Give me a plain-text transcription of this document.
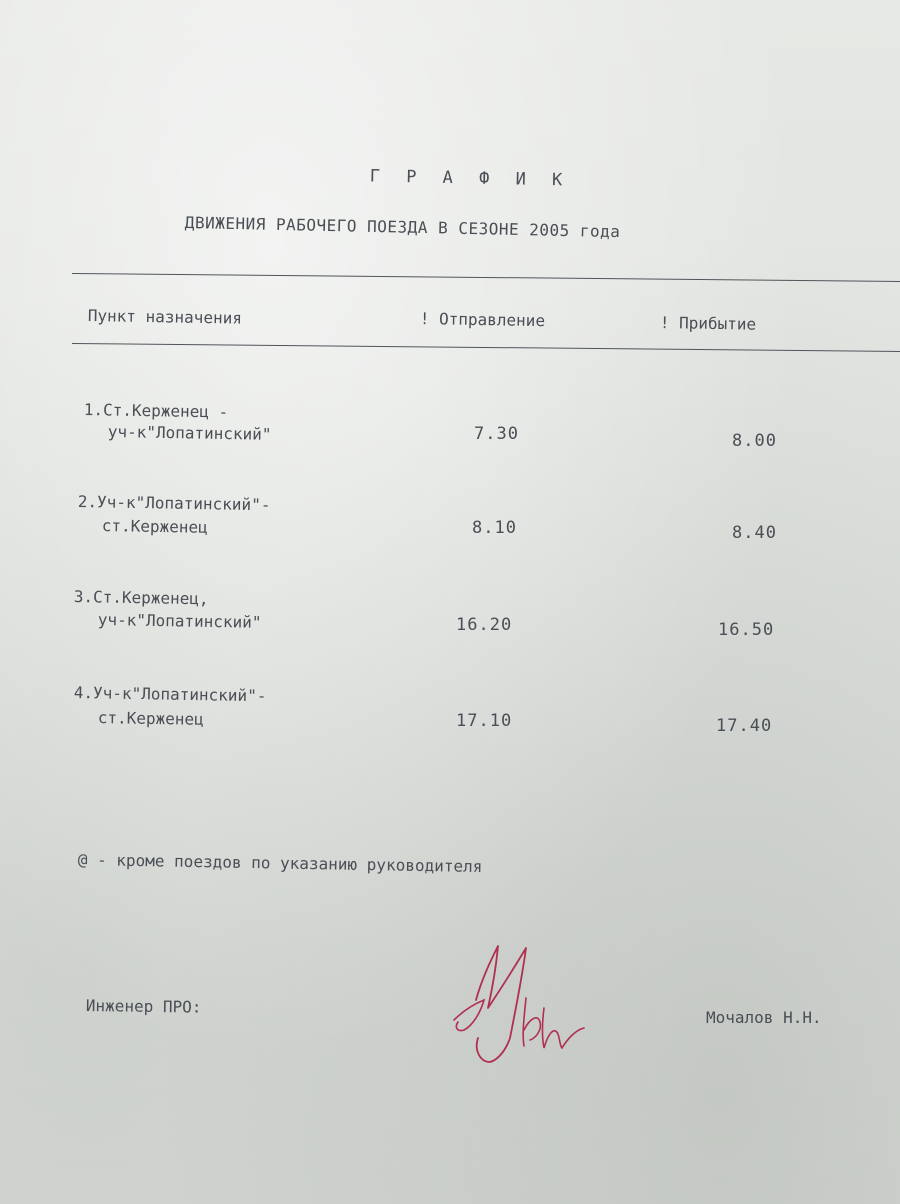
Г Р А Ф И К
ДВИЖЕНИЯ РАБОЧЕГО ПОЕЗДА В СЕЗОНЕ 2005 года
Пункт назначения	! Отправление	! Прибытие
1.Ст.Керженец -
уч-к"Лопатинский"	7.30	8.00
2.Уч-к"Лопатинский"-
ст.Керженец	8.10	8.40
3.Ст.Керженец,
уч-к"Лопатинский"	16.20	16.50
4.Уч-к"Лопатинский"-
ст.Керженец	17.10	17.40
@ - кроме поездов по указанию руководителя
Инженер ПРО:
Мочалов Н.Н.
